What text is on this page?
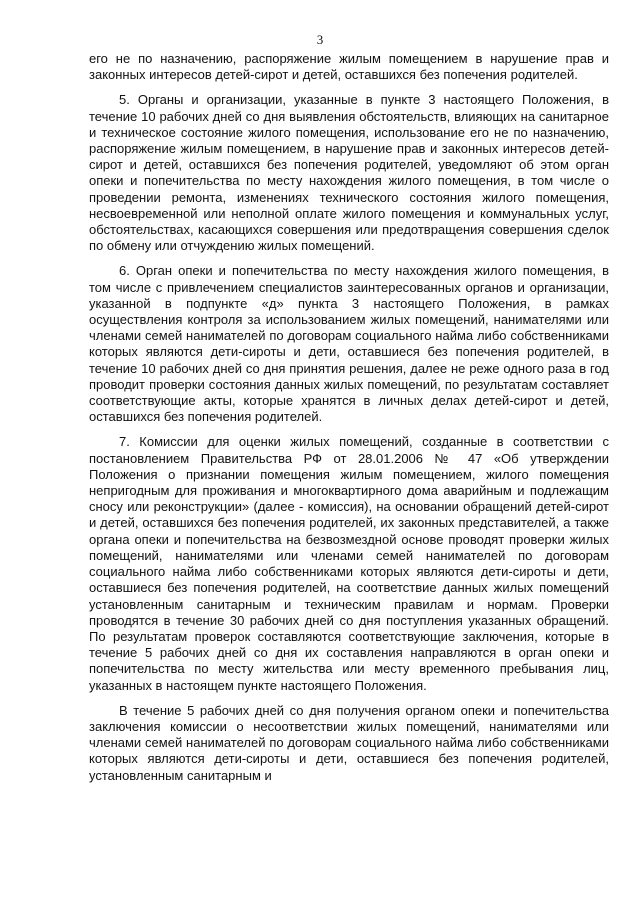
3

его не по назначению, распоряжение жилым помещением в нарушение прав и законных интересов детей-сирот и детей, оставшихся без попечения родителей.

5. Органы и организации, указанные в пункте 3 настоящего Положения, в течение 10 рабочих дней со дня выявления обстоятельств, влияющих на санитарное и техническое состояние жилого помещения, использование его не по назначению, распоряжение жилым помещением, в нарушение прав и законных интересов детей-сирот и детей, оставшихся без попечения родителей, уведомляют об этом орган опеки и попечительства по месту нахождения жилого помещения, в том числе о проведении ремонта, изменениях технического состояния жилого помещения, несвоевременной или неполной оплате жилого помещения и коммунальных услуг, обстоятельствах, касающихся совершения или предотвращения совершения сделок по обмену или отчуждению жилых помещений.

6. Орган опеки и попечительства по месту нахождения жилого помещения, в том числе с привлечением специалистов заинтересованных органов и организации, указанной в подпункте «д» пункта 3 настоящего Положения, в рамках осуществления контроля за использованием жилых помещений, нанимателями или членами семей нанимателей по договорам социального найма либо собственниками которых являются дети-сироты и дети, оставшиеся без попечения родителей, в течение 10 рабочих дней со дня принятия решения, далее не реже одного раза в год проводит проверки состояния данных жилых помещений, по результатам составляет соответствующие акты, которые хранятся в личных делах детей-сирот и детей, оставшихся без попечения родителей.

7. Комиссии для оценки жилых помещений, созданные в соответствии с постановлением Правительства РФ от 28.01.2006 № 47 «Об утверждении Положения о признании помещения жилым помещением, жилого помещения непригодным для проживания и многоквартирного дома аварийным и подлежащим сносу или реконструкции» (далее - комиссия), на основании обращений детей-сирот и детей, оставшихся без попечения родителей, их законных представителей, а также органа опеки и попечительства на безвозмездной основе проводят проверки жилых помещений, нанимателями или членами семей нанимателей по договорам социального найма либо собственниками которых являются дети-сироты и дети, оставшиеся без попечения родителей, на соответствие данных жилых помещений установленным санитарным и техническим правилам и нормам. Проверки проводятся в течение 30 рабочих дней со дня поступления указанных обращений. По результатам проверок составляются соответствующие заключения, которые в течение 5 рабочих дней со дня их составления направляются в орган опеки и попечительства по месту жительства или месту временного пребывания лиц, указанных в настоящем пункте настоящего Положения.

В течение 5 рабочих дней со дня получения органом опеки и попечительства заключения комиссии о несоответствии жилых помещений, нанимателями или членами семей нанимателей по договорам социального найма либо собственниками которых являются дети-сироты и дети, оставшиеся без попечения родителей, установленным санитарным и
